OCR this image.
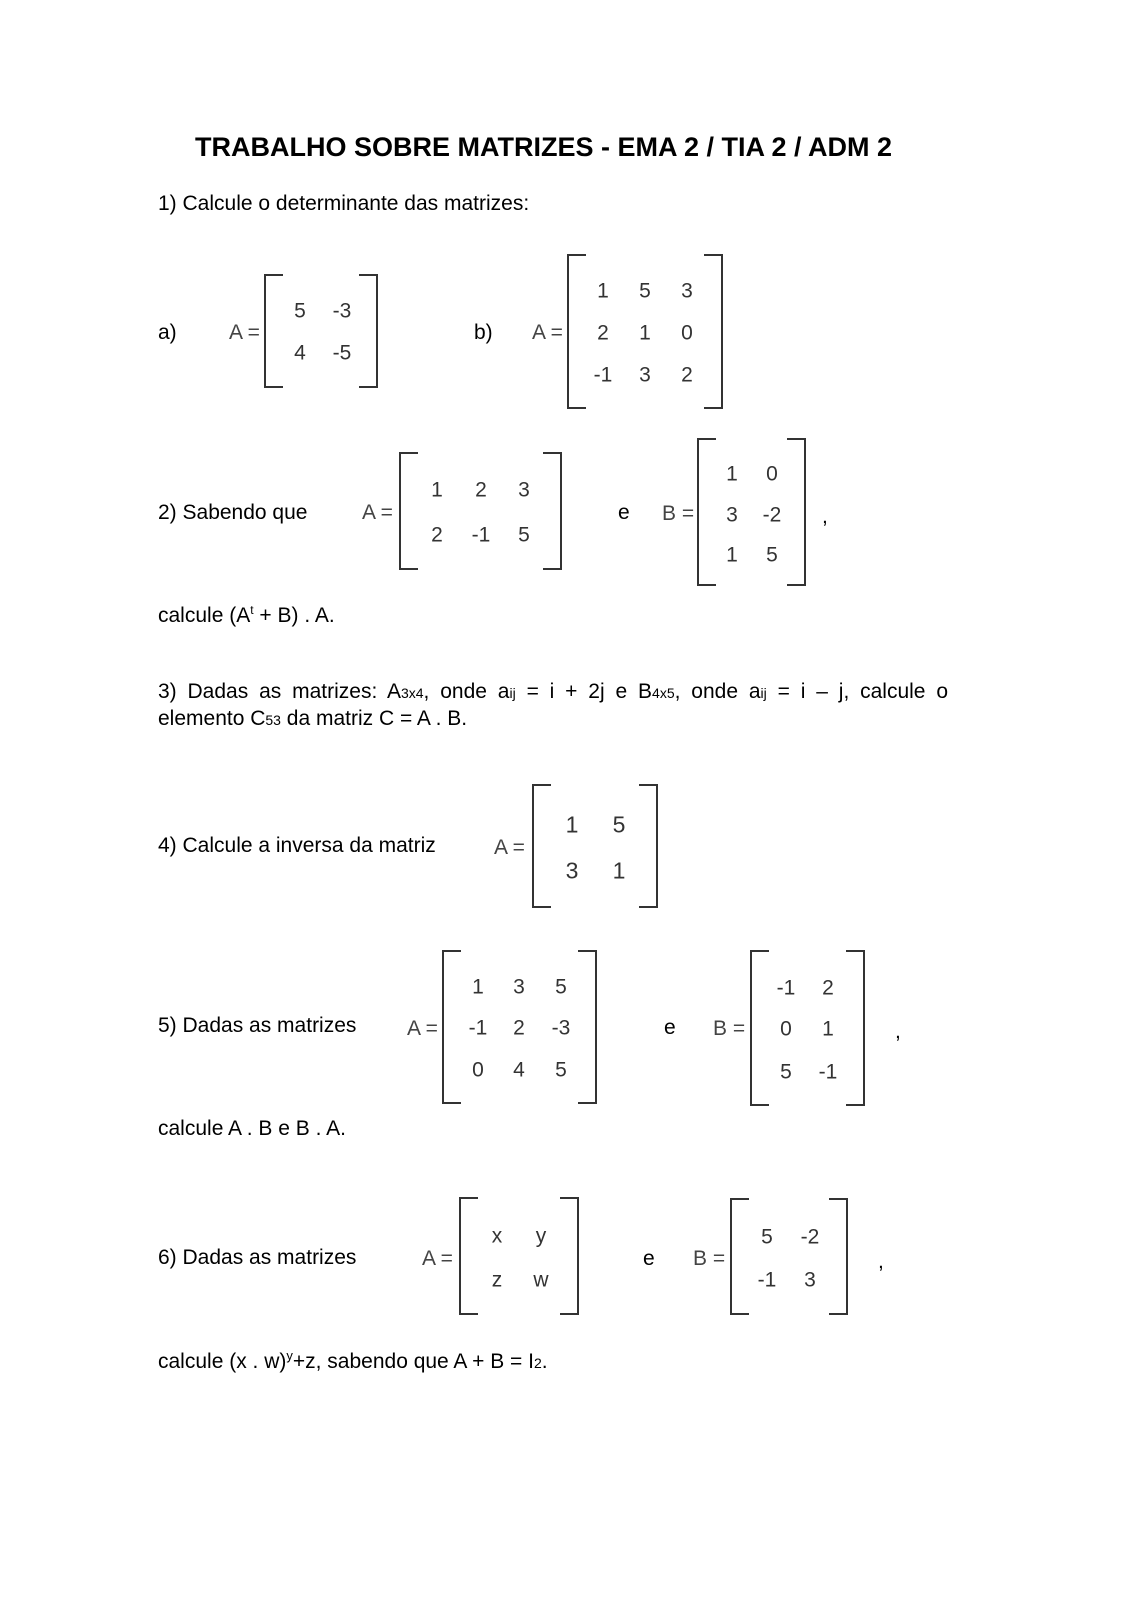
TRABALHO SOBRE MATRIZES - EMA 2 / TIA 2 / ADM 2
1) Calcule o determinante das matrizes:
a) A =
5 -3
4 -5
b) A =
1 5 3
2 1 0
-1 3 2
2) Sabendo que	A =
1 2 3
2 -1 5
e B =
1 0
3 -2
1 5
,
calcule $(A^t + B)$ . A.
3) Dadas as matrizes: A3x4, onde aij = i + 2j e B4x5, onde aij = i – j, calcule o
elemento C53 da matriz C = A . B.
4) Calcule a inversa da matriz	A =
1 5
3 1
5) Dadas as matrizes A =
1 3 5
-1 2 -3
0 4 5
e B =
-1 2
0 1
5 -1
,
calcule A . B e B . A.
6) Dadas as matrizes	A =
x y
z w
e B =
5 -2
-1 3
,
calcule (x . w)$^y$+z, sabendo que A + B = I2.
